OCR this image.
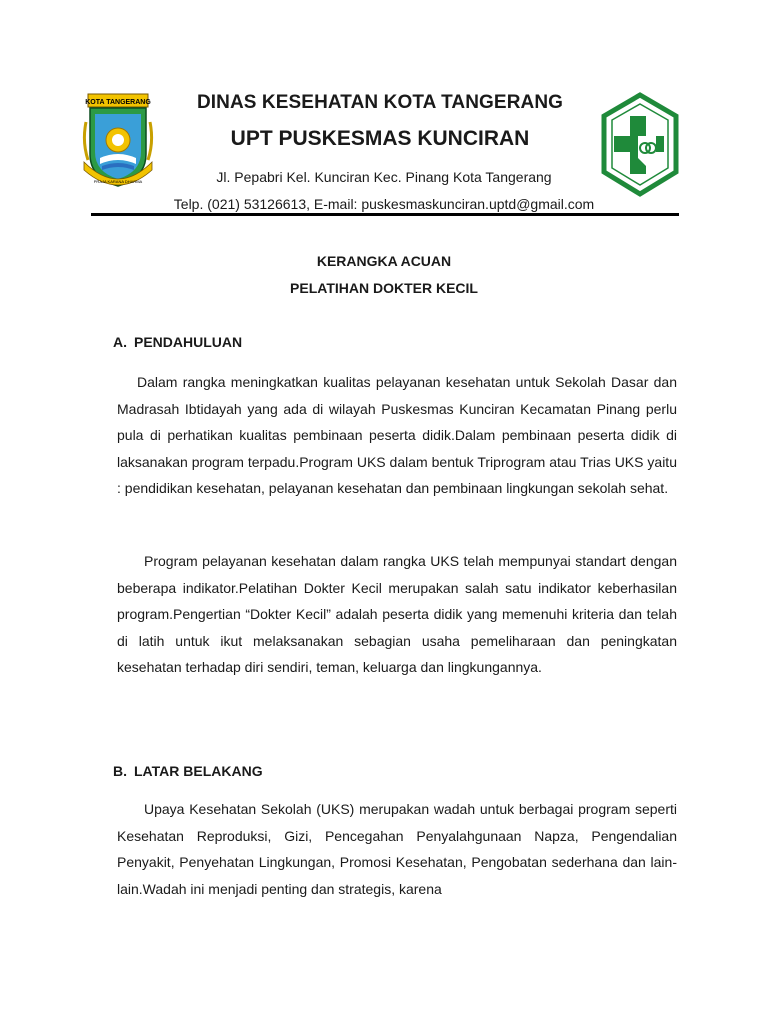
KOTA TANGERANG
PRAJA KARANA DHARMA
DINAS KESEHATAN KOTA TANGERANG
UPT PUSKESMAS KUNCIRAN
Jl. Pepabri Kel. Kunciran Kec. Pinang Kota Tangerang
Telp. (021) 53126613, E-mail: puskesmaskunciran.uptd@gmail.com
KERANGKA ACUAN
PELATIHAN DOKTER KECIL
A. PENDAHULUAN

Dalam rangka meningkatkan kualitas pelayanan kesehatan untuk Sekolah Dasar dan Madrasah Ibtidayah yang ada di wilayah Puskesmas Kunciran Kecamatan Pinang perlu pula di perhatikan kualitas pembinaan peserta didik.Dalam pembinaan peserta didik di laksanakan program terpadu.Program UKS dalam bentuk Triprogram atau Trias UKS yaitu : pendidikan kesehatan, pelayanan kesehatan dan pembinaan lingkungan sekolah sehat.

Program pelayanan kesehatan dalam rangka UKS telah mempunyai standart dengan beberapa indikator.Pelatihan Dokter Kecil merupakan salah satu indikator keberhasilan program.Pengertian “Dokter Kecil” adalah peserta didik yang memenuhi kriteria dan telah di latih untuk ikut melaksanakan sebagian usaha pemeliharaan dan peningkatan kesehatan terhadap diri sendiri, teman, keluarga dan lingkungannya.

B. LATAR BELAKANG

Upaya Kesehatan Sekolah (UKS) merupakan wadah untuk berbagai program seperti Kesehatan Reproduksi, Gizi, Pencegahan Penyalahgunaan Napza, Pengendalian Penyakit, Penyehatan Lingkungan, Promosi Kesehatan, Pengobatan sederhana dan lain-lain.Wadah ini menjadi penting dan strategis, karena
